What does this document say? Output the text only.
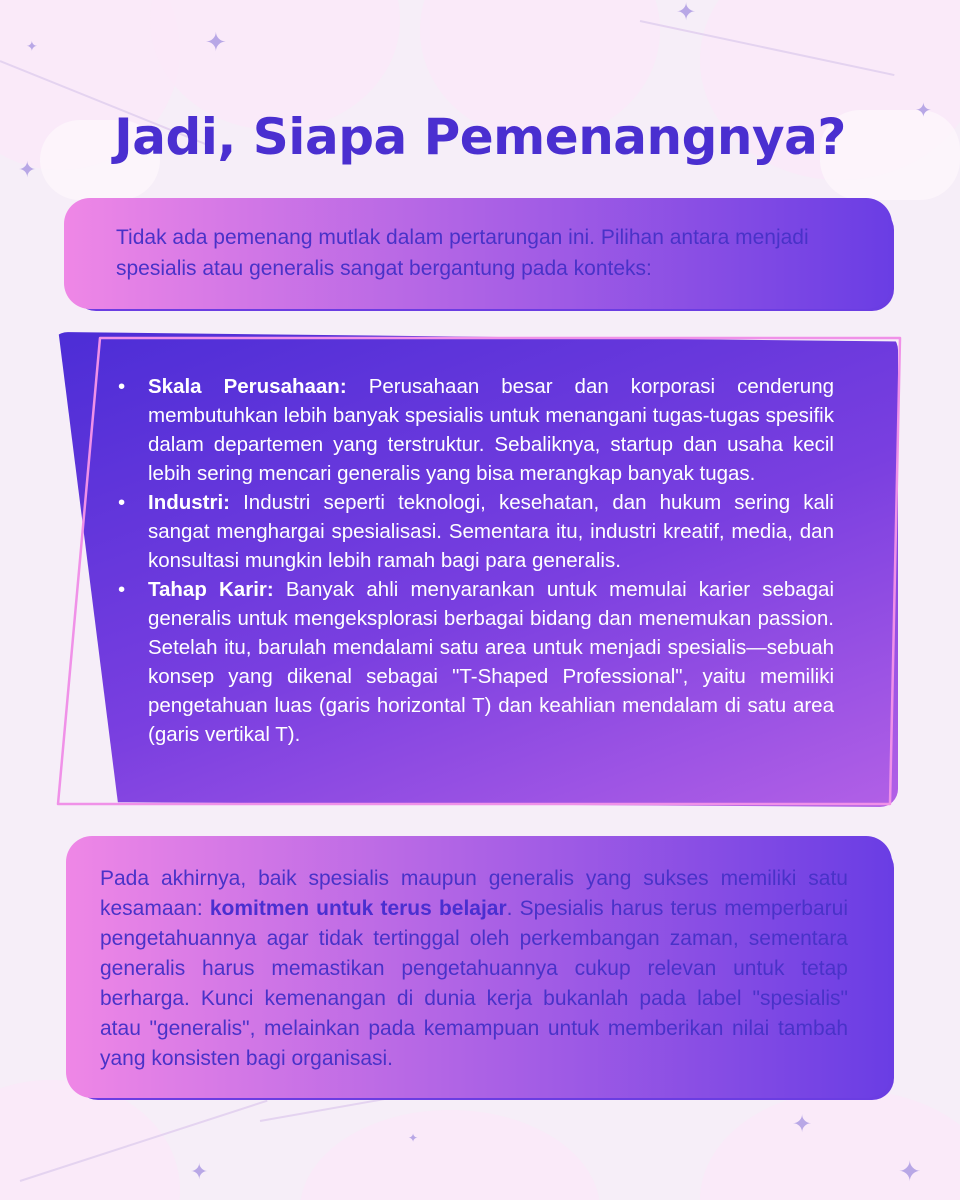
✦
✦
✦
✦
✦
✦
✦
✦
✦
Jadi, Siapa Pemenangnya?

Tidak ada pemenang mutlak dalam pertarungan ini. Pilihan antara menjadi spesialis atau generalis sangat bergantung pada konteks:

•	Skala Perusahaan: Perusahaan besar dan korporasi cenderung membutuhkan lebih banyak spesialis untuk menangani tugas-tugas spesifik dalam departemen yang terstruktur. Sebaliknya, startup dan usaha kecil lebih sering mencari generalis yang bisa merangkap banyak tugas.

•	Industri: Industri seperti teknologi, kesehatan, dan hukum sering kali sangat menghargai spesialisasi. Sementara itu, industri kreatif, media, dan konsultasi mungkin lebih ramah bagi para generalis.

•	Tahap Karir: Banyak ahli menyarankan untuk memulai karier sebagai generalis untuk mengeksplorasi berbagai bidang dan menemukan passion. Setelah itu, barulah mendalami satu area untuk menjadi spesialis—sebuah konsep yang dikenal sebagai "T-Shaped Professional", yaitu memiliki pengetahuan luas (garis horizontal T) dan keahlian mendalam di satu area (garis vertikal T).

Pada akhirnya, baik spesialis maupun generalis yang sukses memiliki satu kesamaan: komitmen untuk terus belajar. Spesialis harus terus memperbarui pengetahuannya agar tidak tertinggal oleh perkembangan zaman, sementara generalis harus memastikan pengetahuannya cukup relevan untuk tetap berharga. Kunci kemenangan di dunia kerja bukanlah pada label "spesialis" atau "generalis", melainkan pada kemampuan untuk memberikan nilai tambah yang konsisten bagi organisasi.
